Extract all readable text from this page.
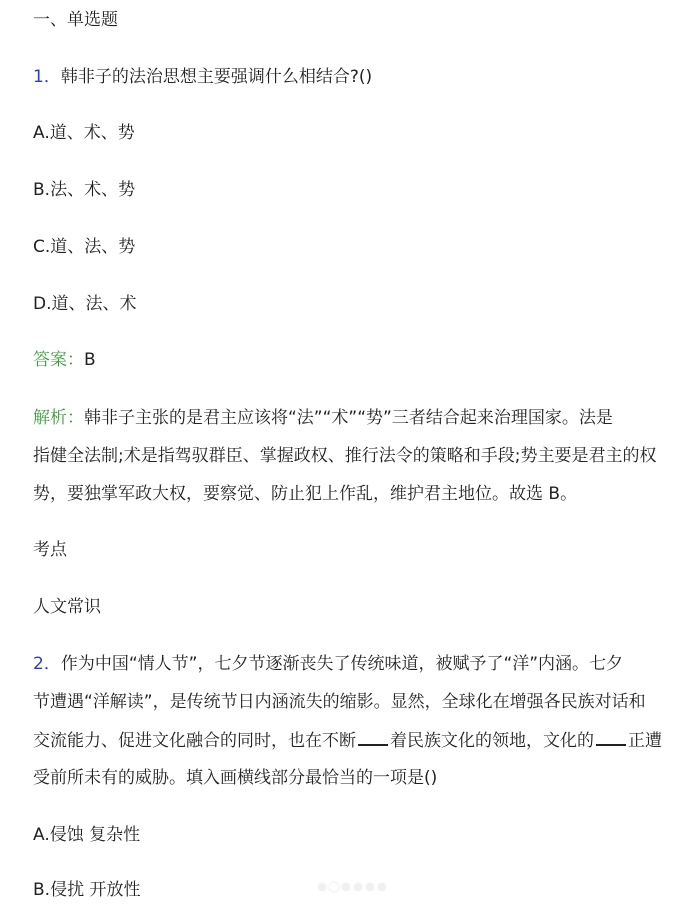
一、单选题
1．韩非子的法治思想主要强调什么相结合?()
A.道、术、势
B.法、术、势
C.道、法、势
D.道、法、术
答案：B
解析：韩非子主张的是君主应该将“法”“术”“势”三者结合起来治理国家。法是
指健全法制;术是指驾驭群臣、掌握政权、推行法令的策略和手段;势主要是君主的权
势，要独掌军政大权，要察觉、防止犯上作乱，维护君主地位。故选 B。
考点
人文常识
2．作为中国“情人节”，七夕节逐渐丧失了传统味道，被赋予了“洋”内涵。七夕
节遭遇“洋解读”，是传统节日内涵流失的缩影。显然，全球化在增强各民族对话和
交流能力、促进文化融合的同时，也在不断 着民族文化的领地，文化的 正遭
受前所未有的威胁。填入画横线部分最恰当的一项是()
A.侵蚀 复杂性
B.侵扰 开放性
